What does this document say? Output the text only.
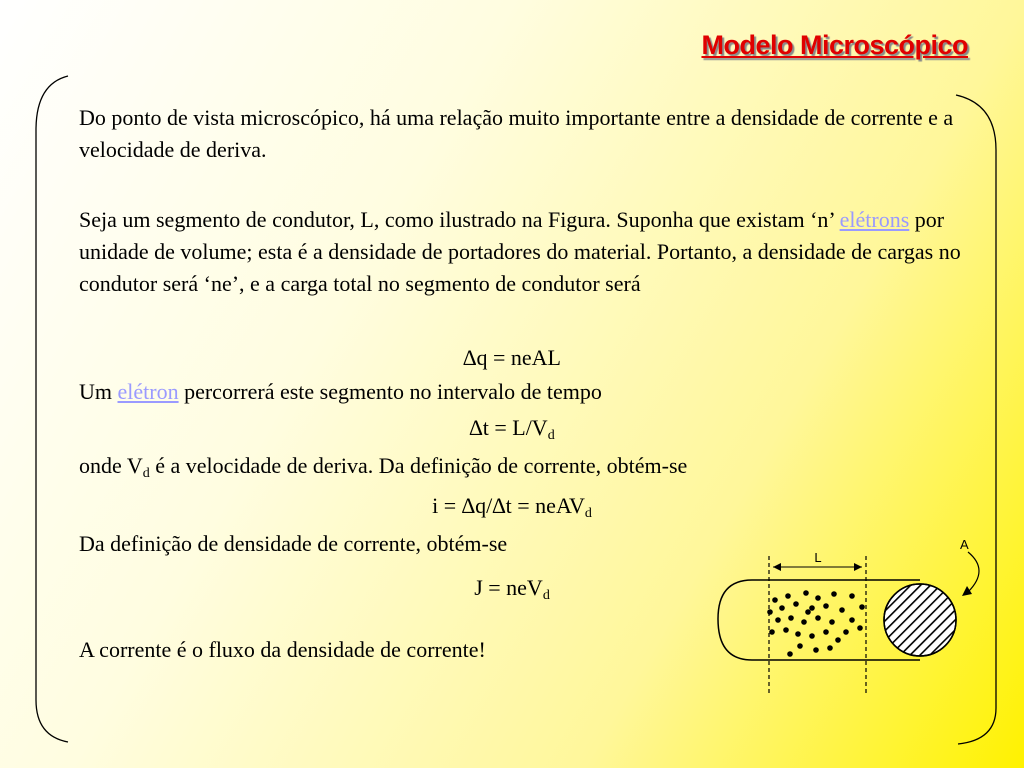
Modelo Microscópico

Do ponto de vista microscópico, há uma relação muito importante entre a densidade de corrente e a velocidade de deriva.

Seja um segmento de condutor, L, como ilustrado na Figura. Suponha que existam ‘n’ elétrons por unidade de volume; esta é a densidade de portadores do material. Portanto, a densidade de cargas no condutor será ‘ne’, e a carga total no segmento de condutor será

∆q = neAL

Um elétron percorrerá este segmento no intervalo de tempo

$\Delta t = L/V_d$

onde $V_d$ é a velocidade de deriva. Da definição de corrente, obtém-se

i = ∆q/∆t = neAV$_d$

Da definição de densidade de corrente, obtém-se

J = neV$_d$

A corrente é o fluxo da densidade de corrente!

L
A
